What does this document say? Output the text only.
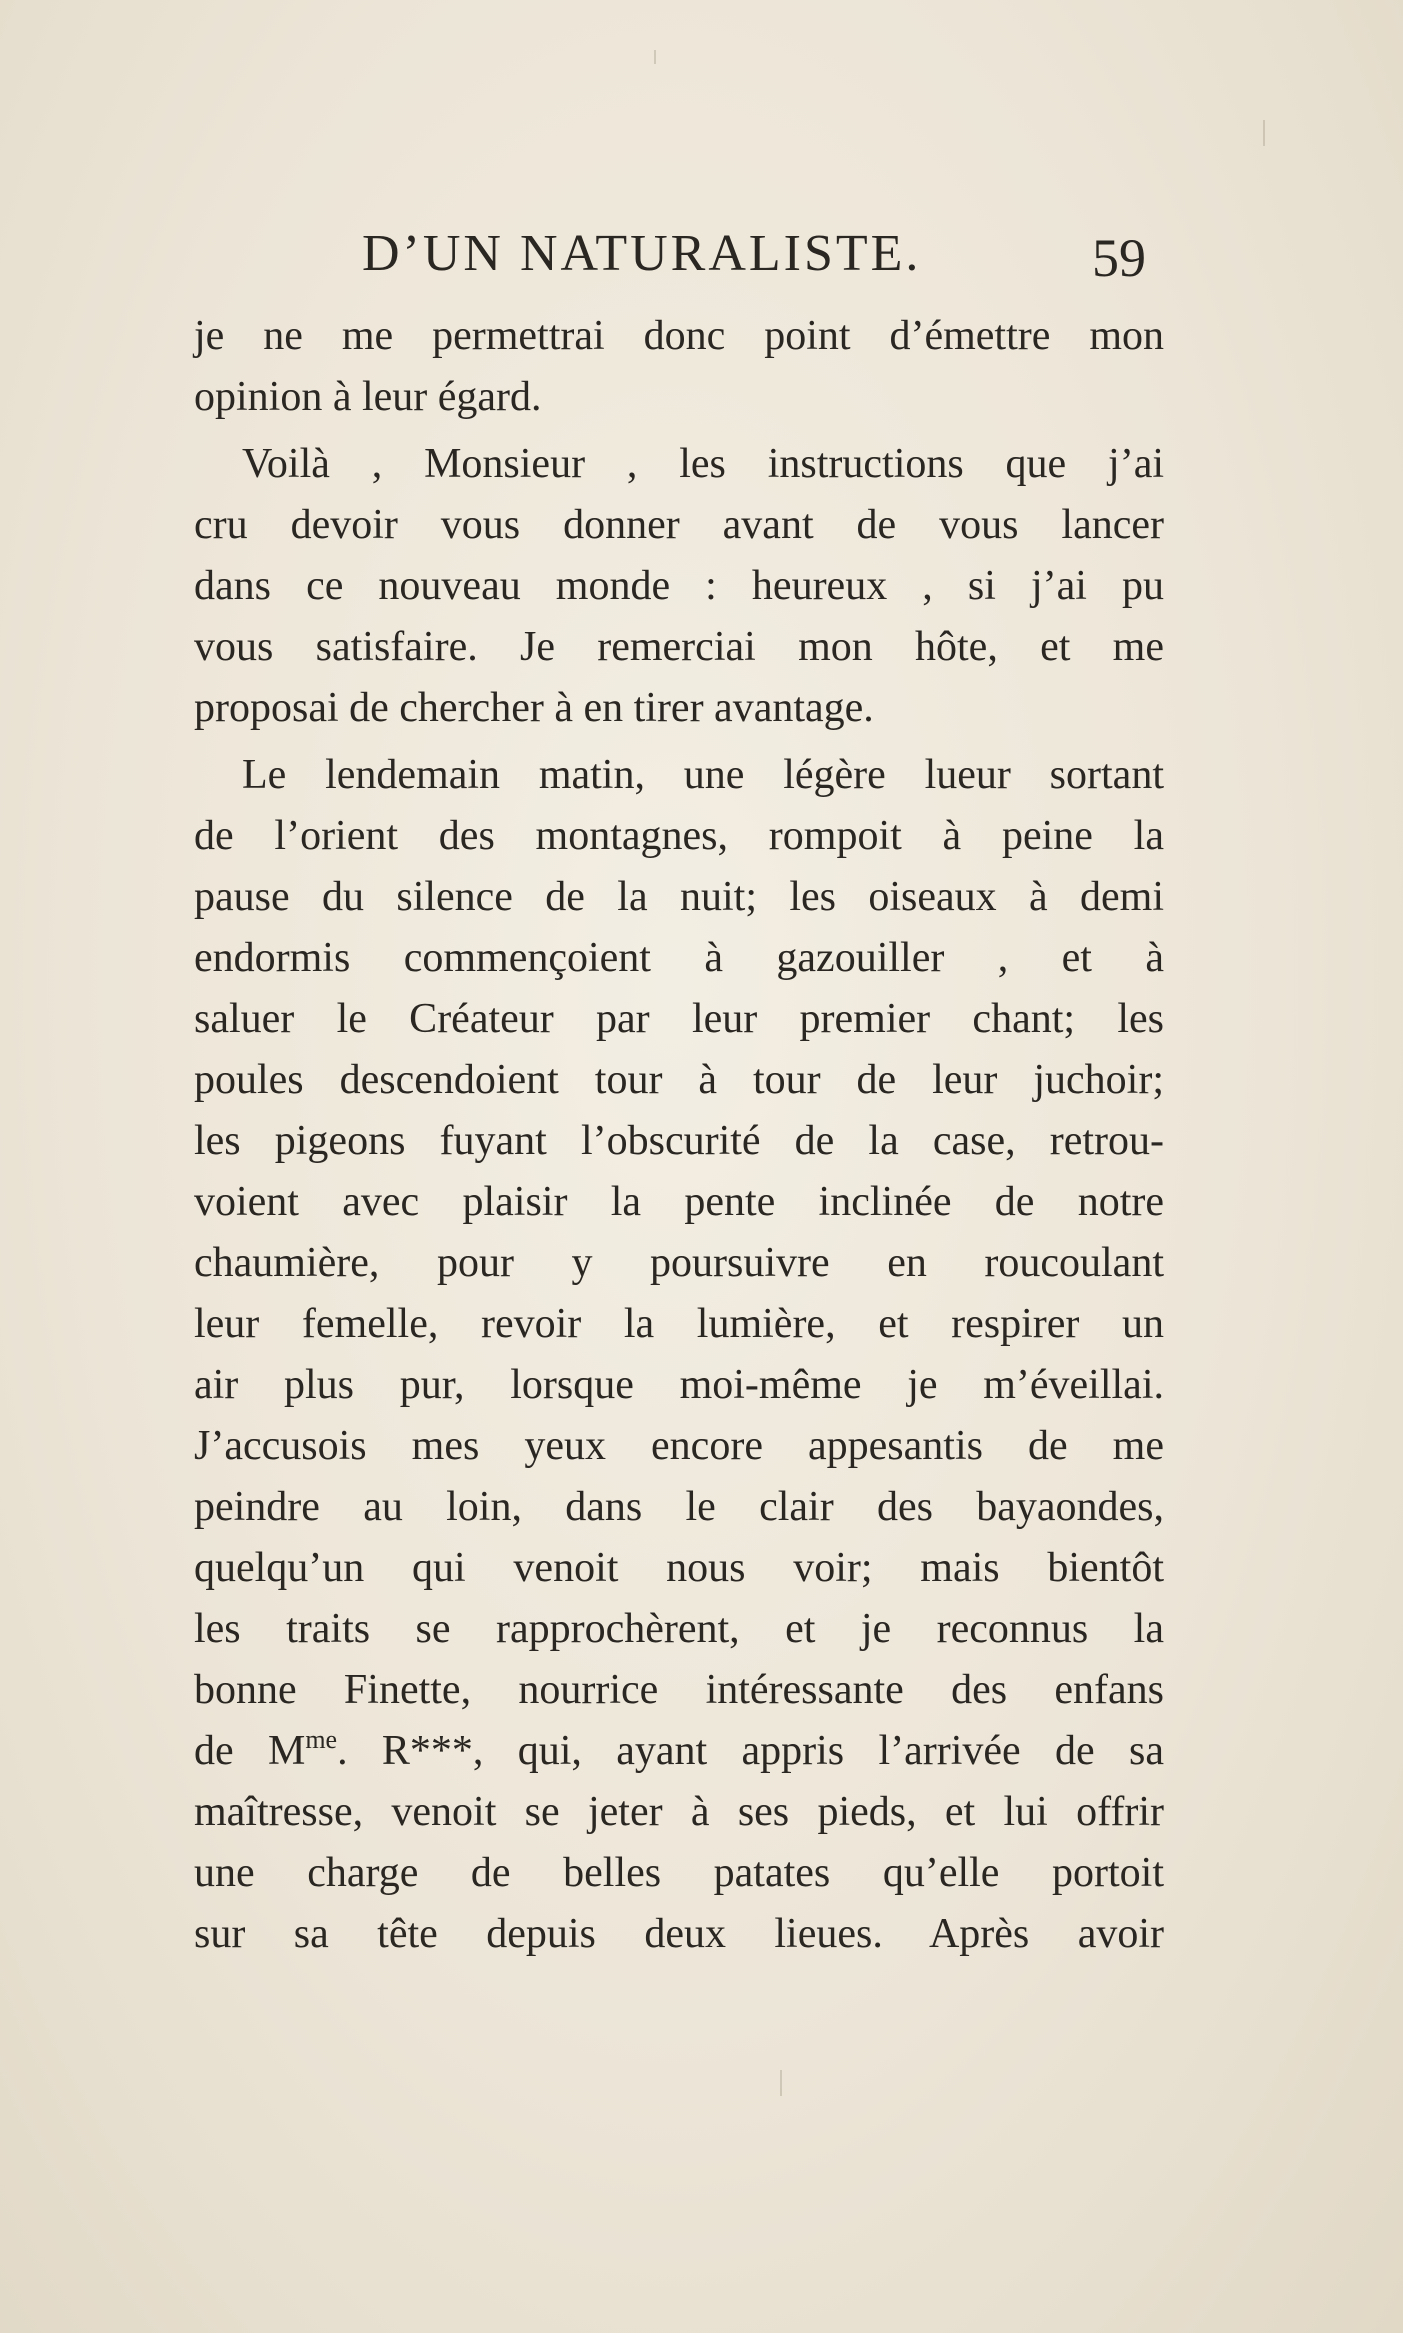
D’UN NATURALISTE.	59

je ne me permettrai donc point d’émettre mon
opinion à leur égard.

Voilà , Monsieur , les instructions que j’ai
cru devoir vous donner avant de vous lancer
dans ce nouveau monde : heureux , si j’ai pu
vous satisfaire. Je remerciai mon hôte, et me
proposai de chercher à en tirer avantage.

Le lendemain matin, une légère lueur sortant
de l’orient des montagnes, rompoit à peine la
pause du silence de la nuit; les oiseaux à demi
endormis commençoient à gazouiller , et à
saluer le Créateur par leur premier chant; les
poules descendoient tour à tour de leur juchoir;
les pigeons fuyant l’obscurité de la case, retrou-
voient avec plaisir la pente inclinée de notre
chaumière, pour y poursuivre en roucoulant
leur femelle, revoir la lumière, et respirer un
air plus pur, lorsque moi-même je m’éveillai.
J’accusois mes yeux encore appesantis de me
peindre au loin, dans le clair des bayaondes,
quelqu’un qui venoit nous voir; mais bientôt
les traits se rapprochèrent, et je reconnus la
bonne Finette, nourrice intéressante des enfans
de $M^{me}$. R***, qui, ayant appris l’arrivée de sa
maîtresse, venoit se jeter à ses pieds, et lui offrir
une charge de belles patates qu’elle portoit
sur sa tête depuis deux lieues. Après avoir
